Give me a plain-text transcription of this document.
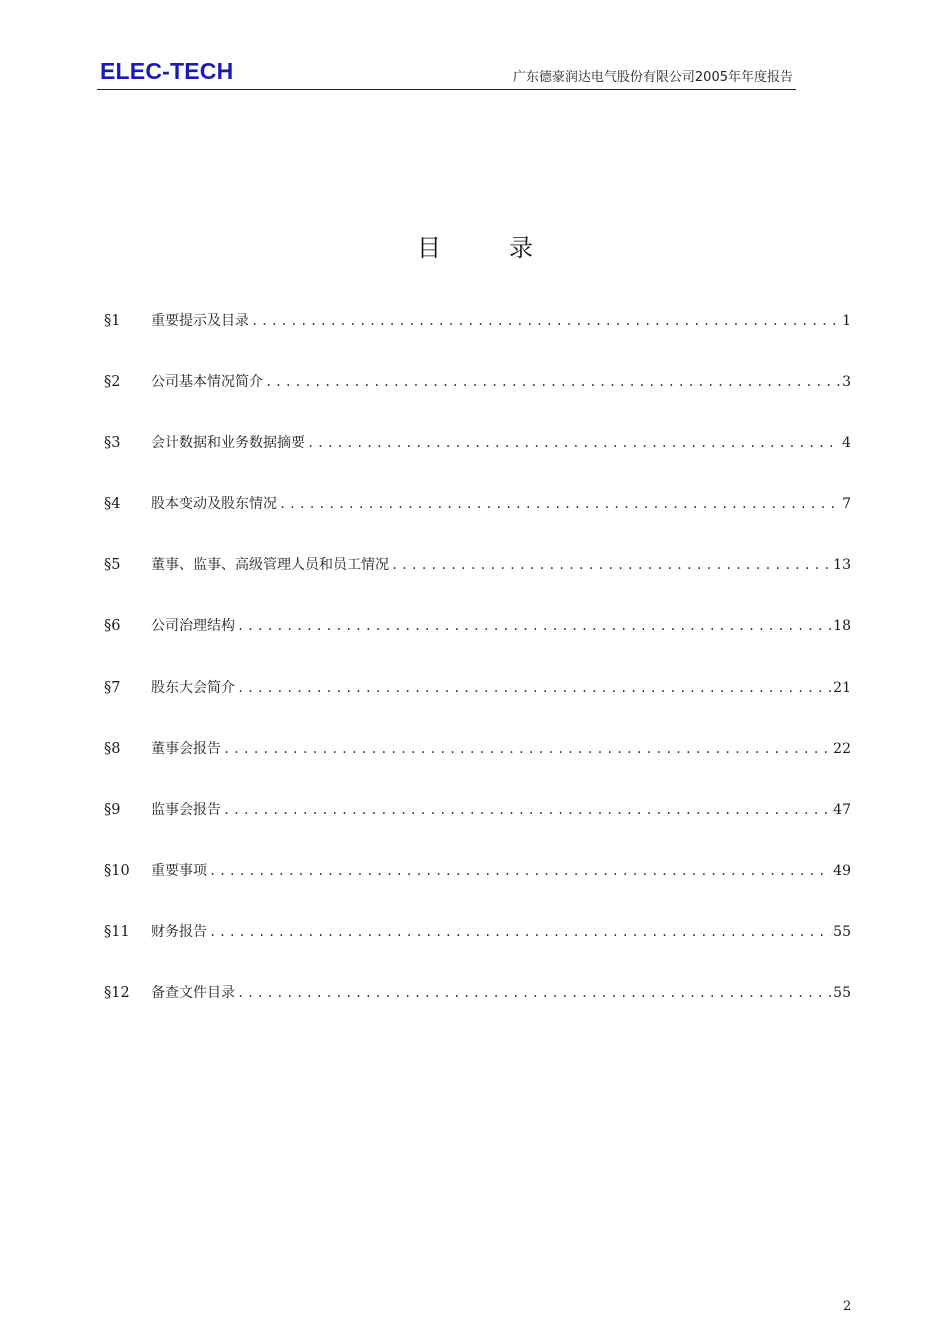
ELEC-TECH	广东德豪润达电气股份有限公司2005年年度报告
目	录
§1	重要提示及目录 .....	1
§2	公司基本情况简介 .....	3
§3	会计数据和业务数据摘要 .....	4
§4	股本变动及股东情况 .....	7
§5	董事、监事、高级管理人员和员工情况 .....	13
§6	公司治理结构 .....	18
§7	股东大会简介 .....	21
§8	董事会报告 .....	22
§9	监事会报告 .....	47
§10	重要事项 .....	49
§11	财务报告 .....	55
§12	备查文件目录 .....	55
2
